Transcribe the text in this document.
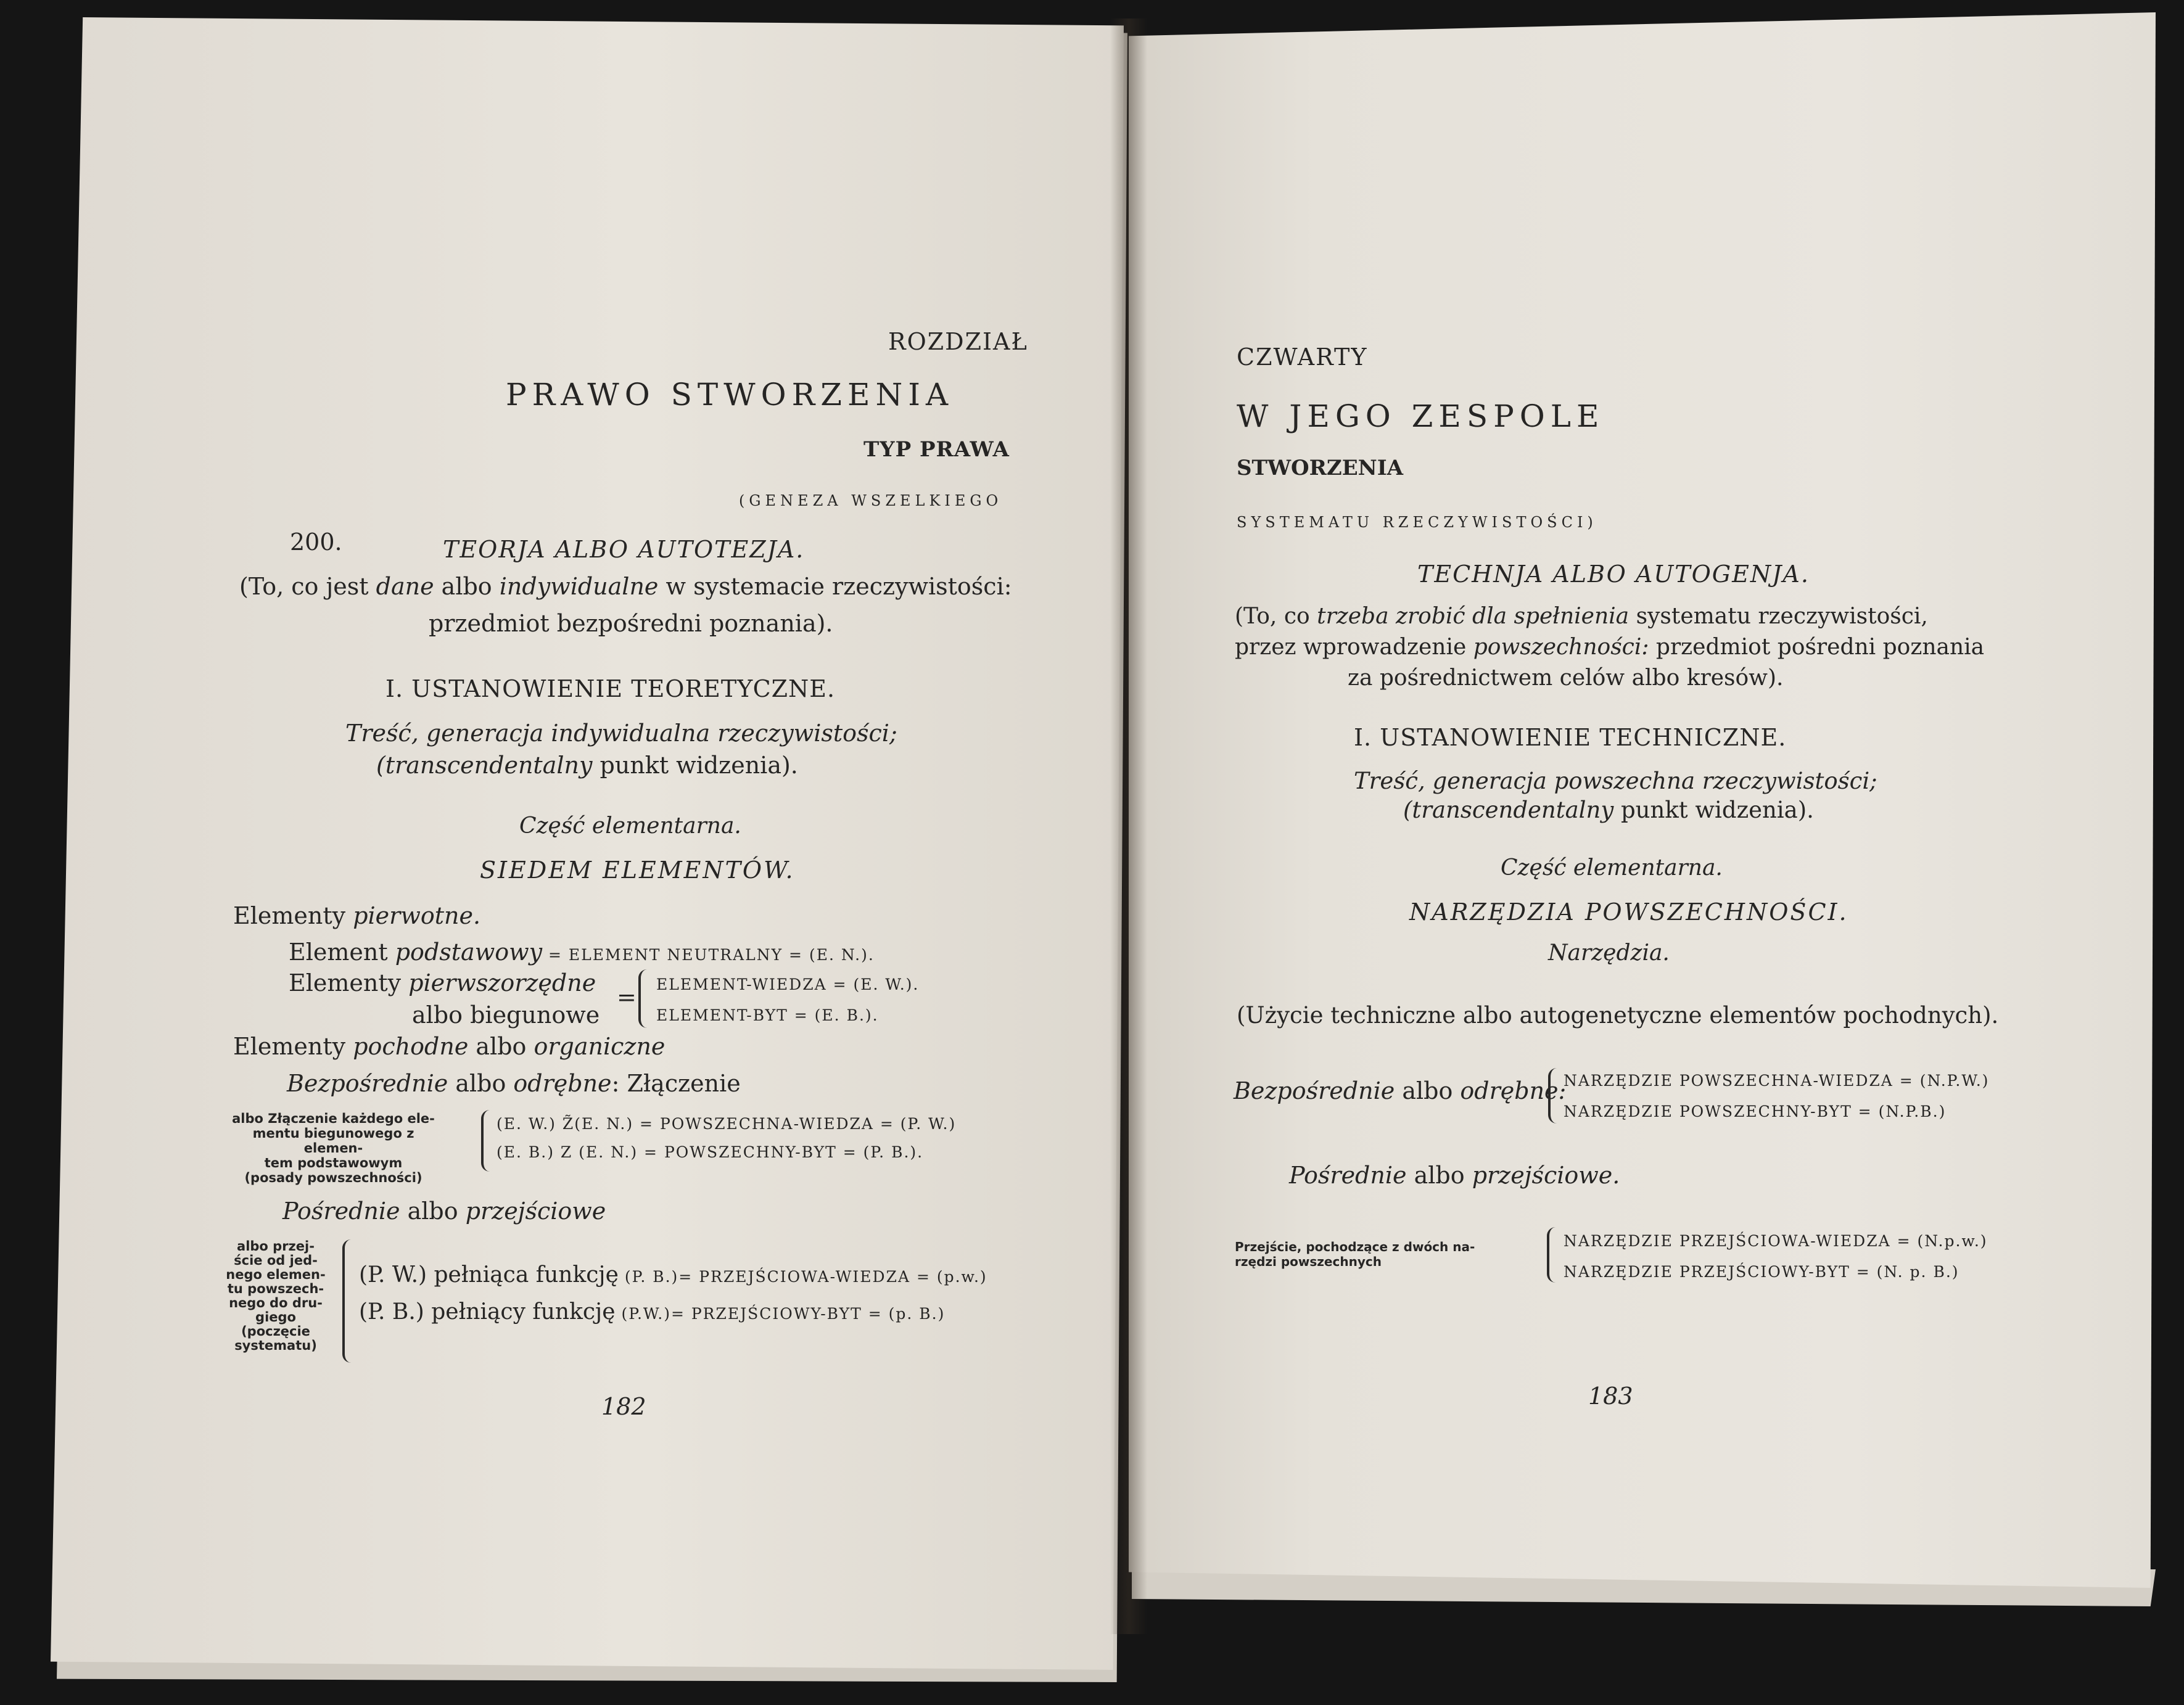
ROZDZIAŁ
PRAWO STWORZENIA
TYP PRAWA
(GENEZA WSZELKIEGO
200.	TEORJA ALBO AUTOTEZJA.
(To, co jest dane albo indywidualne w systemacie rzeczywistości:
przedmiot bezpośredni poznania).
I. USTANOWIENIE TEORETYCZNE.
Treść, generacja indywidualna rzeczywistości;
(transcendentalny punkt widzenia).
Część elementarna.
SIEDEM ELEMENTÓW.
Elementy pierwotne.
Element podstawowy = ELEMENT NEUTRALNY = (E. N.).
Elementy pierwszorzędne
albo biegunowe
= ELEMENT-WIEDZA = (E. W.).
ELEMENT-BYT = (E. B.).
Elementy pochodne albo organiczne
Bezpośrednie albo odrębne: Złączenie
albo Złączenie każdego ele-
mentu biegunowego z elemen-
tem podstawowym
(posady powszechności)
(E. W.) Z̃(E. N.) = POWSZECHNA-WIEDZA = (P. W.)
(E. B.) Z (E. N.) = POWSZECHNY-BYT = (P. B.).
Pośrednie albo przejściowe
albo przej-
ście od jed-
nego elemen-
tu powszech-
nego do dru-
giego
(poczęcie
systematu)
(P. W.) pełniąca funkcję (P. B.)= PRZEJŚCIOWA-WIEDZA = (p.w.)
(P. B.) pełniący funkcję (P.W.)= PRZEJŚCIOWY-BYT = (p. B.)
182
CZWARTY
W JEGO ZESPOLE
STWORZENIA
SYSTEMATU RZECZYWISTOŚCI)
TECHNJA ALBO AUTOGENJA.
(To, co trzeba zrobić dla spełnienia systematu rzeczywistości,
przez wprowadzenie powszechności: przedmiot pośredni poznania
za pośrednictwem celów albo kresów).
I. USTANOWIENIE TECHNICZNE.
Treść, generacja powszechna rzeczywistości;
(transcendentalny punkt widzenia).
Część elementarna.
NARZĘDZIA POWSZECHNOŚCI.
Narzędzia.
(Użycie techniczne albo autogenetyczne elementów pochodnych).
Bezpośrednie albo odrębne:
NARZĘDZIE POWSZECHNA-WIEDZA = (N.P.W.)
NARZĘDZIE POWSZECHNY-BYT = (N.P.B.)
Pośrednie albo przejściowe.
Przejście, pochodzące z dwóch na-
rzędzi powszechnych
NARZĘDZIE PRZEJŚCIOWA-WIEDZA = (N.p.w.)
NARZĘDZIE PRZEJŚCIOWY-BYT = (N. p. B.)
183
